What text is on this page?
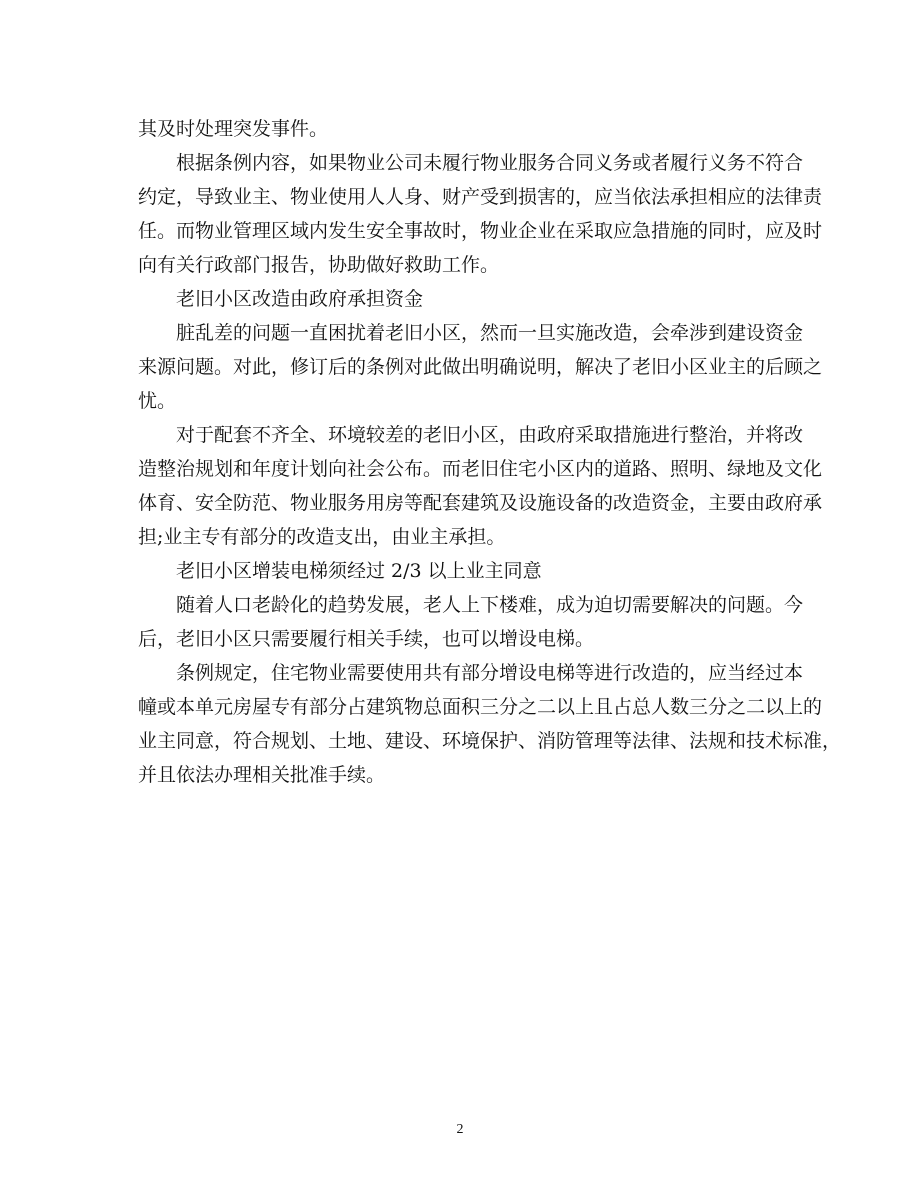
其及时处理突发事件。
根据条例内容，如果物业公司未履行物业服务合同义务或者履行义务不符合
约定，导致业主、物业使用人人身、财产受到损害的，应当依法承担相应的法律责
任。而物业管理区域内发生安全事故时，物业企业在采取应急措施的同时，应及时
向有关行政部门报告，协助做好救助工作。
老旧小区改造由政府承担资金
脏乱差的问题一直困扰着老旧小区，然而一旦实施改造，会牵涉到建设资金
来源问题。对此，修订后的条例对此做出明确说明，解决了老旧小区业主的后顾之
忧。
对于配套不齐全、环境较差的老旧小区，由政府采取措施进行整治，并将改
造整治规划和年度计划向社会公布。而老旧住宅小区内的道路、照明、绿地及文化
体育、安全防范、物业服务用房等配套建筑及设施设备的改造资金，主要由政府承
担;业主专有部分的改造支出，由业主承担。
老旧小区增装电梯须经过 2/3 以上业主同意
随着人口老龄化的趋势发展，老人上下楼难，成为迫切需要解决的问题。今
后，老旧小区只需要履行相关手续，也可以增设电梯。
条例规定，住宅物业需要使用共有部分增设电梯等进行改造的，应当经过本
幢或本单元房屋专有部分占建筑物总面积三分之二以上且占总人数三分之二以上的
业主同意，符合规划、土地、建设、环境保护、消防管理等法律、法规和技术标准，
并且依法办理相关批准手续。
2
